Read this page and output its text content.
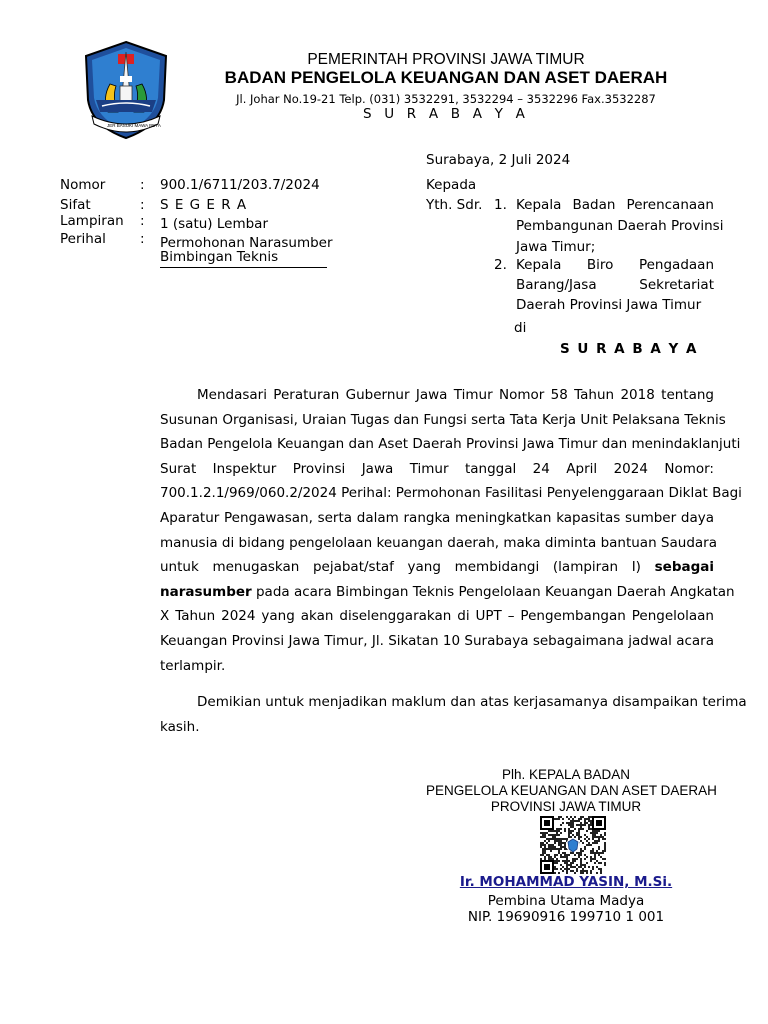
JER BASUKI MAWA BEYA
PEMERINTAH PROVINSI JAWA TIMUR
BADAN PENGELOLA KEUANGAN DAN ASET DAERAH
Jl. Johar No.19-21 Telp. (031) 3532291, 3532294 – 3532296 Fax.3532287
S U R A B A Y A
Surabaya, 2 Juli 2024
Nomor	: 900.1/6711/203.7/2024
Sifat	: S E G E R A
Lampiran : 1 (satu) Lembar
Perihal	: Permohonan Narasumber
Bimbingan Teknis
Kepada
Yth. Sdr. 1. Kepala Badan Perencanaan
Pembangunan Daerah Provinsi
Jawa Timur;
2. Kepala Biro Pengadaan
Barang/Jasa Sekretariat
Daerah Provinsi Jawa Timur
di
S U R A B A Y A
Mendasari Peraturan Gubernur Jawa Timur Nomor 58 Tahun 2018 tentang
Susunan Organisasi, Uraian Tugas dan Fungsi serta Tata Kerja Unit Pelaksana Teknis
Badan Pengelola Keuangan dan Aset Daerah Provinsi Jawa Timur dan menindaklanjuti
Surat Inspektur Provinsi Jawa Timur tanggal 24 April 2024 Nomor:
700.1.2.1/969/060.2/2024 Perihal: Permohonan Fasilitasi Penyelenggaraan Diklat Bagi
Aparatur Pengawasan, serta dalam rangka meningkatkan kapasitas sumber daya
manusia di bidang pengelolaan keuangan daerah, maka diminta bantuan Saudara
untuk menugaskan pejabat/staf yang membidangi (lampiran I) sebagai
narasumber pada acara Bimbingan Teknis Pengelolaan Keuangan Daerah Angkatan
X Tahun 2024 yang akan diselenggarakan di UPT – Pengembangan Pengelolaan
Keuangan Provinsi Jawa Timur, Jl. Sikatan 10 Surabaya sebagaimana jadwal acara
terlampir.
Demikian untuk menjadikan maklum dan atas kerjasamanya disampaikan terima
kasih.
Plh. KEPALA BADAN
PENGELOLA KEUANGAN DAN ASET DAERAH
PROVINSI JAWA TIMUR
Ir. MOHAMMAD YASIN, M.Si.
Pembina Utama Madya
NIP. 19690916 199710 1 001
